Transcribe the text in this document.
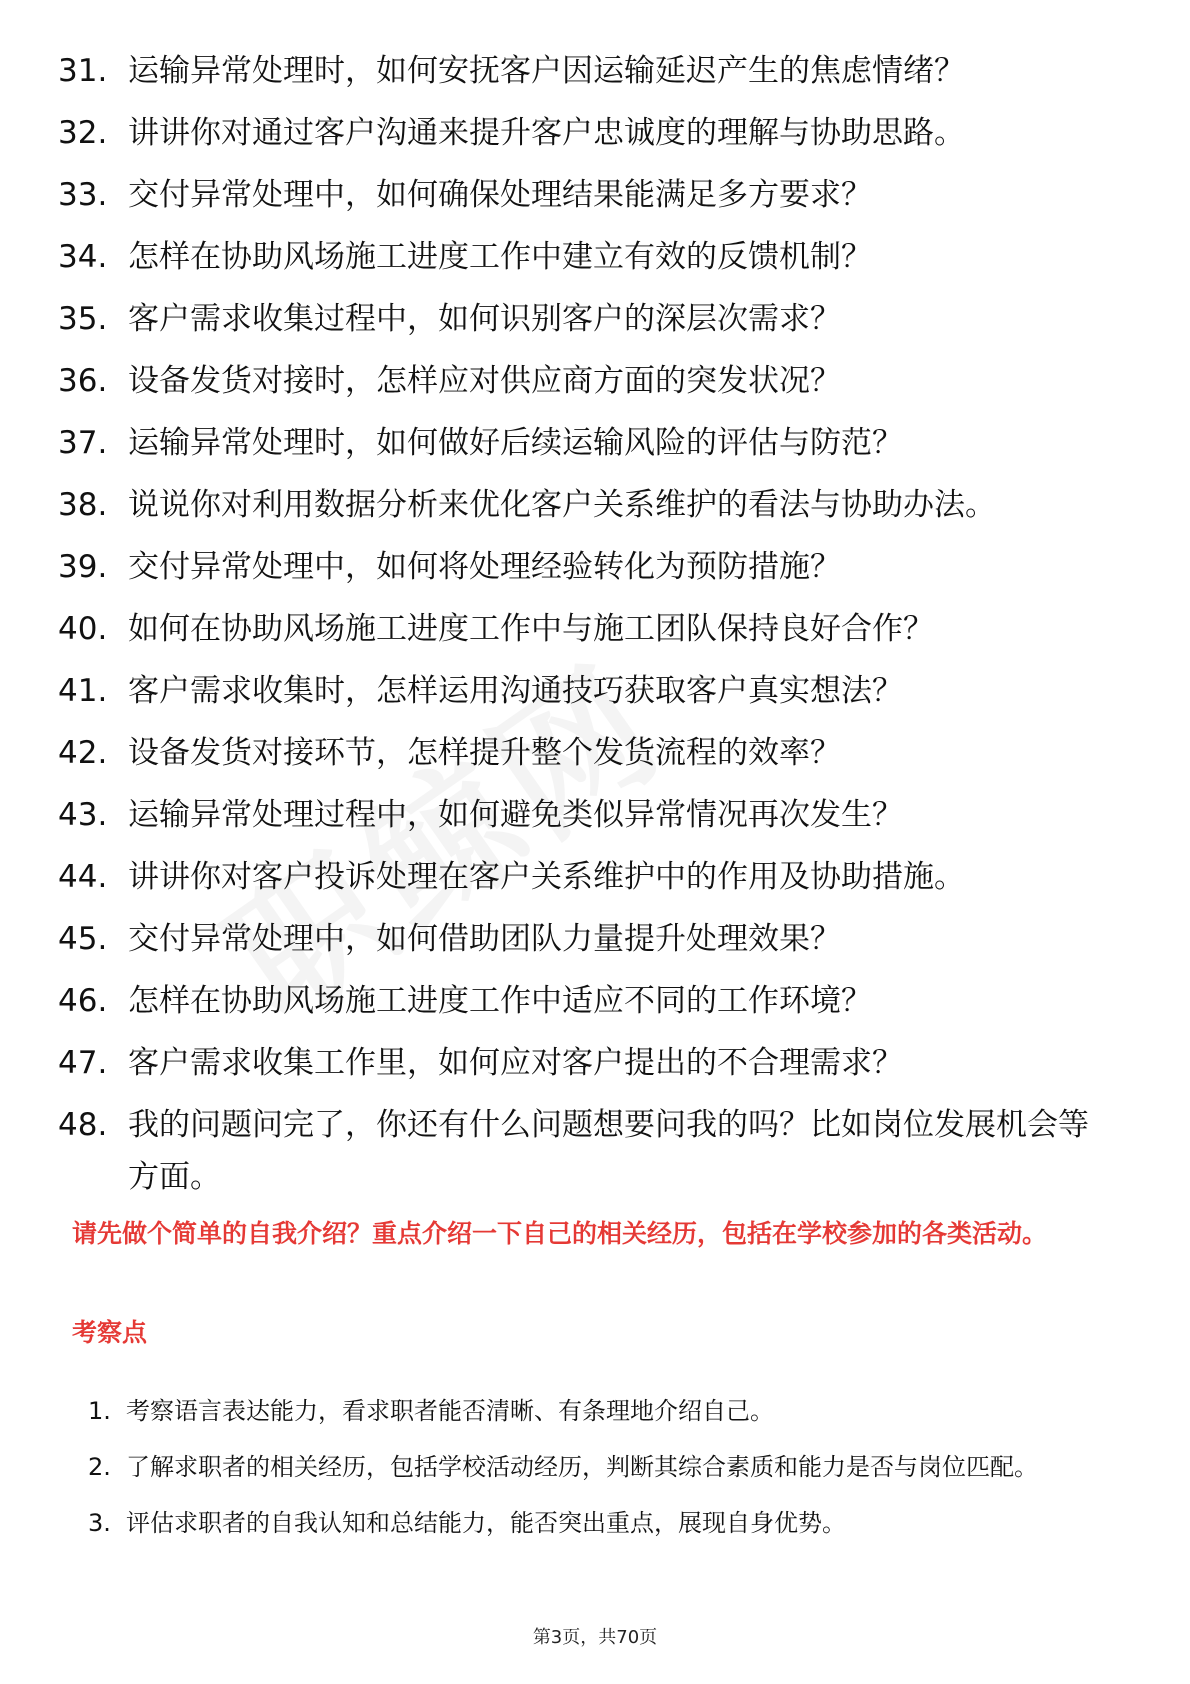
31. 运输异常处理时，如何安抚客户因运输延迟产生的焦虑情绪？
32. 讲讲你对通过客户沟通来提升客户忠诚度的理解与协助思路。
33. 交付异常处理中，如何确保处理结果能满足多方要求？
34. 怎样在协助风场施工进度工作中建立有效的反馈机制？
35. 客户需求收集过程中，如何识别客户的深层次需求？
36. 设备发货对接时，怎样应对供应商方面的突发状况？
37. 运输异常处理时，如何做好后续运输风险的评估与防范？
38. 说说你对利用数据分析来优化客户关系维护的看法与协助办法。
39. 交付异常处理中，如何将处理经验转化为预防措施？
40. 如何在协助风场施工进度工作中与施工团队保持良好合作？
41. 客户需求收集时，怎样运用沟通技巧获取客户真实想法？
42. 设备发货对接环节，怎样提升整个发货流程的效率？
43. 运输异常处理过程中，如何避免类似异常情况再次发生？
44. 讲讲你对客户投诉处理在客户关系维护中的作用及协助措施。
45. 交付异常处理中，如何借助团队力量提升处理效果？
46. 怎样在协助风场施工进度工作中适应不同的工作环境？
47. 客户需求收集工作里，如何应对客户提出的不合理需求？
48. 我的问题问完了，你还有什么问题想要问我的吗？比如岗位发展机会等方面。
请先做个简单的自我介绍？重点介绍一下自己的相关经历，包括在学校参加的各类活动。
考察点
1. 考察语言表达能力，看求职者能否清晰、有条理地介绍自己。
2. 了解求职者的相关经历，包括学校活动经历，判断其综合素质和能力是否与岗位匹配。
3. 评估求职者的自我认知和总结能力，能否突出重点，展现自身优势。
第3页，共70页
